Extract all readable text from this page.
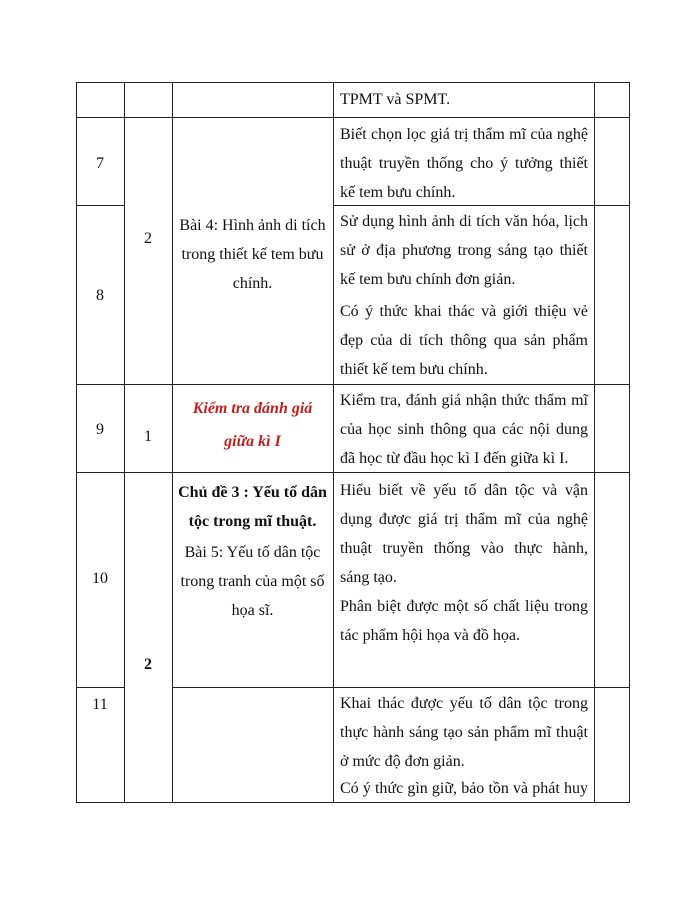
TPMT và SPMT.
7
8
9
10
11
2
1
2
Bài 4: Hình ảnh di tích
trong thiết kế tem bưu
chính.
Kiểm tra đánh giá
giữa kì I
Chủ đề 3 : Yếu tố dân
tộc trong mĩ thuật.
Bài 5: Yếu tố dân tộc
trong tranh của một số
họa sĩ.
Biết chọn lọc giá trị thẩm mĩ của nghệ
thuật truyền thống cho ý tưởng thiết
kế tem bưu chính.
Sử dụng hình ảnh di tích văn hóa, lịch
sử ở địa phương trong sáng tạo thiết
kế tem bưu chính đơn giản.
Có ý thức khai thác và giới thiệu vẻ
đẹp của di tích thông qua sản phẩm
thiết kế tem bưu chính.
Kiểm tra, đánh giá nhận thức thẩm mĩ
của học sinh thông qua các nội dung
đã học từ đầu học kì I đến giữa kì I.
Hiểu biết về yếu tố dân tộc và vận
dụng được giá trị thẩm mĩ của nghệ
thuật truyền thống vào thực hành,
sáng tạo.
Phân biệt được một số chất liệu trong
tác phẩm hội họa và đồ họa.
Khai thác được yếu tố dân tộc trong
thực hành sáng tạo sản phẩm mĩ thuật
ở mức độ đơn giản.
Có ý thức gìn giữ, bảo tồn và phát huy
